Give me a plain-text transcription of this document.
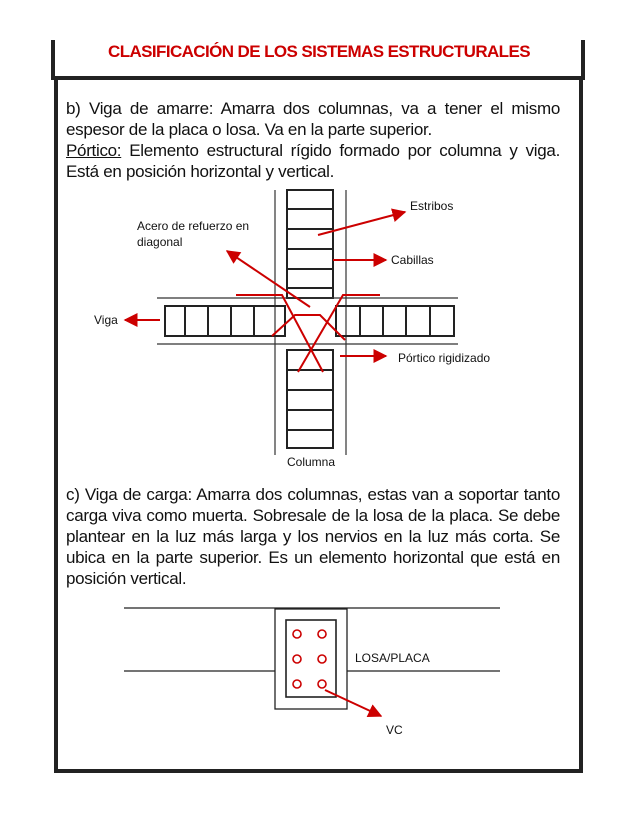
CLASIFICACIÓN DE LOS SISTEMAS ESTRUCTURALES
b) Viga de amarre: Amarra dos columnas, va a tener el mismo espesor de la placa o losa. Va en la parte superior.
Pórtico: Elemento estructural rígido formado por columna y viga. Está en posición horizontal y vertical.
Estribos
Acero de refuerzo en diagonal
Cabillas
Viga
Pórtico rigidizado
Columna
c) Viga de carga: Amarra dos columnas, estas van a soportar tanto carga viva como muerta. Sobresale de la losa de la placa. Se debe plantear en la luz más larga y los nervios en la luz más corta. Se ubica en la parte superior. Es un elemento horizontal que está en posición vertical.
LOSA/PLACA
VC
